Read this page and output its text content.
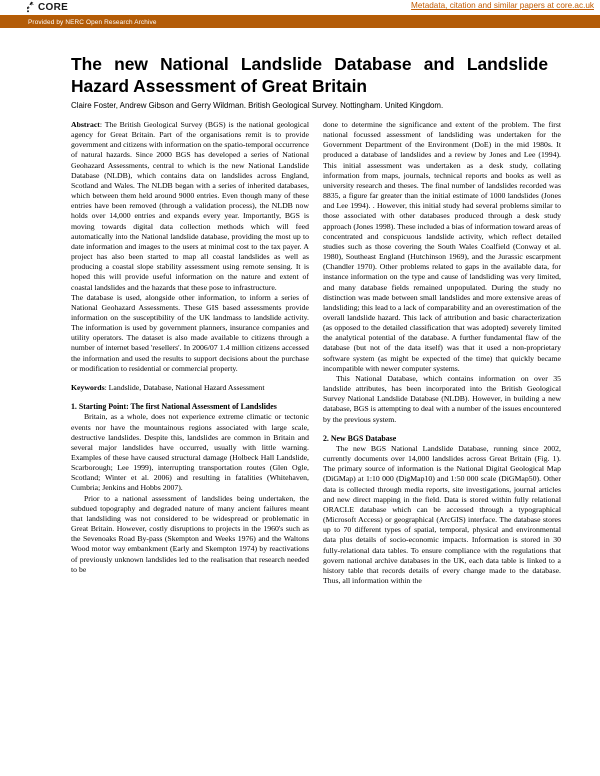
CORE	Metadata, citation and similar papers at core.ac.uk
Provided by NERC Open Research Archive
The new National Landslide Database and Landslide Hazard Assessment of Great Britain
Claire Foster, Andrew Gibson and Gerry Wildman. British Geological Survey. Nottingham. United Kingdom.

Abstract: The British Geological Survey (BGS) is the national geological agency for Great Britain. Part of the organisations remit is to provide government and citizens with information on the spatio-temporal occurrence of natural hazards. Since 2000 BGS has developed a series of National Geohazard Assessments, central to which is the new National Landslide Database (NLDB), which contains data on landslides across England, Scotland and Wales. The NLDB began with a series of inherited databases, which between them held around 9000 entries. Even though many of these entries have been removed (through a validation process), the NLDB now holds over 14,000 entries and expands every year. Importantly, BGS is moving towards digital data collection methods which will feed automatically into the National landslide database, providing the most up to date information and images to the users at minimal cost to the tax payer. A project has also been started to map all coastal landslides as well as producing a coastal slope stability assessment using remote sensing. It is hoped this will provide useful information on the nature and extent of coastal landslides and the hazards that these pose to infrastructure.

The database is used, alongside other information, to inform a series of National Geohazard Assessments. These GIS based assessments provide information on the susceptibility of the UK landmass to landslide activity. The information is used by government planners, insurance companies and utility operators. The dataset is also made available to citizens through a number of internet based 'resellers'. In 2006/07 1.4 million citizens accessed the information and used the results to support decisions about the purchase or modification to residential or commercial property.

Keywords: Landslide, Database, National Hazard Assessment

1. Starting Point: The first National Assessment of Landslides

Britain, as a whole, does not experience extreme climatic or tectonic events nor have the mountainous regions associated with large scale, destructive landslides. Despite this, landslides are common in Britain and several major landslides have occurred, usually with little warning. Examples of these have caused structural damage (Holbeck Hall Landslide, Scarborough; Lee 1999), interrupting transportation routes (Glen Ogle, Scotland; Winter et al. 2006) and resulting in fatalities (Whitehaven, Cumbria; Jenkins and Hobbs 2007).

Prior to a national assessment of landslides being undertaken, the subdued topography and degraded nature of many ancient failures meant that landsliding was not considered to be widespread or problematic in Great Britain. However, costly disruptions to projects in the 1960's such as the Sevenoaks Road By-pass (Skempton and Weeks 1976) and the Waltons Wood motor way embankment (Early and Skempton 1974) by reactivations of previously unknown landslides led to the realisation that research needed to be

done to determine the significance and extent of the problem. The first national focussed assessment of landsliding was undertaken for the Government Department of the Environment (DoE) in the mid 1980s. It produced a database of landslides and a review by Jones and Lee (1994). This initial assessment was undertaken as a desk study, collating information from maps, journals, technical reports and books as well as university research and theses. The final number of landslides recorded was 8835, a figure far greater than the initial estimate of 1000 landslides (Jones and Lee 1994). . However, this initial study had several problems similar to those associated with other databases produced through a desk study approach (Jones 1998). These included a bias of information toward areas of concentrated and conspicuous landslide activity, which reflect detailed studies such as those covering the South Wales Coalfield (Conway et al. 1980), Southeast England (Hutchinson 1969), and the Jurassic escarpment (Chandler 1970). Other problems related to gaps in the available data, for instance information on the type and cause of landsliding was very limited, and many database fields remained unpopulated. During the study no distinction was made between small landslides and more extensive areas of landsliding; this lead to a lack of comparability and an overestimation of the overall landslide hazard. This lack of attribution and basic characterization (as opposed to the detailed classification that was adopted) severely limited the analytical potential of the database. A further fundamental flaw of the database (but not of the data itself) was that it used a non-proprietary software system (as might be expected of the time) that quickly became incompatible with newer computer systems.

This National Database, which contains information on over 35 landslide attributes, has been incorporated into the British Geological Survey National Landslide Database (NLDB). However, in building a new database, BGS is attempting to deal with a number of the issues encountered by the previous system.

2. New BGS Database

The new BGS National Landslide Database, running since 2002, currently documents over 14,000 landslides across Great Britain (Fig. 1). The primary source of information is the National Digital Geological Map (DiGMap) at 1:10 000 (DigMap10) and 1:50 000 scale (DiGMap50). Other data is collected through media reports, site investigations, journal articles and new direct mapping in the field. Data is stored within fully relational ORACLE database which can be accessed through a typographical (Microsoft Access) or geographical (ArcGIS) interface. The database stores up to 70 different types of spatial, temporal, physical and environmental data plus details of socio-economic impacts. Information is stored in 30 fully-relational data tables. To ensure compliance with the regulations that govern national archive databases in the UK, each data table is linked to a history table that records details of every change made to the database. Thus, all information within the
